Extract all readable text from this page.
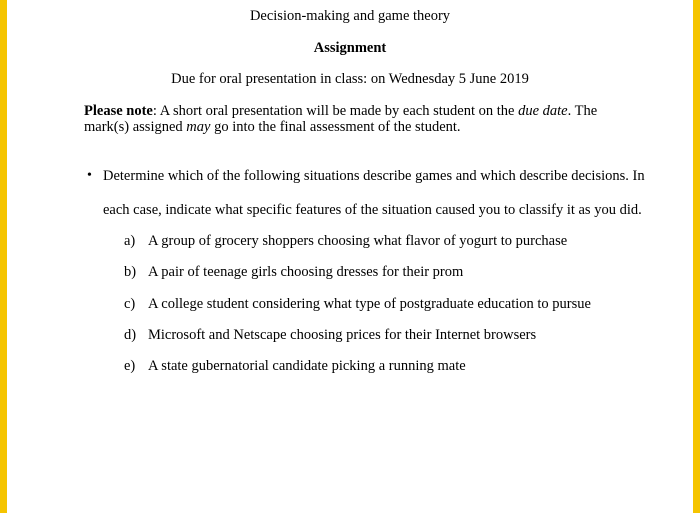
Decision-making and game theory
Assignment
Due for oral presentation in class: on Wednesday 5 June 2019
Please note: A short oral presentation will be made by each student on the due date. The mark(s) assigned may go into the final assessment of the student.
• Determine which of the following situations describe games and which describe decisions. In each case, indicate what specific features of the situation caused you to classify it as you did.
a) A group of grocery shoppers choosing what flavor of yogurt to purchase
b) A pair of teenage girls choosing dresses for their prom
c) A college student considering what type of postgraduate education to pursue
d) Microsoft and Netscape choosing prices for their Internet browsers
e) A state gubernatorial candidate picking a running mate
